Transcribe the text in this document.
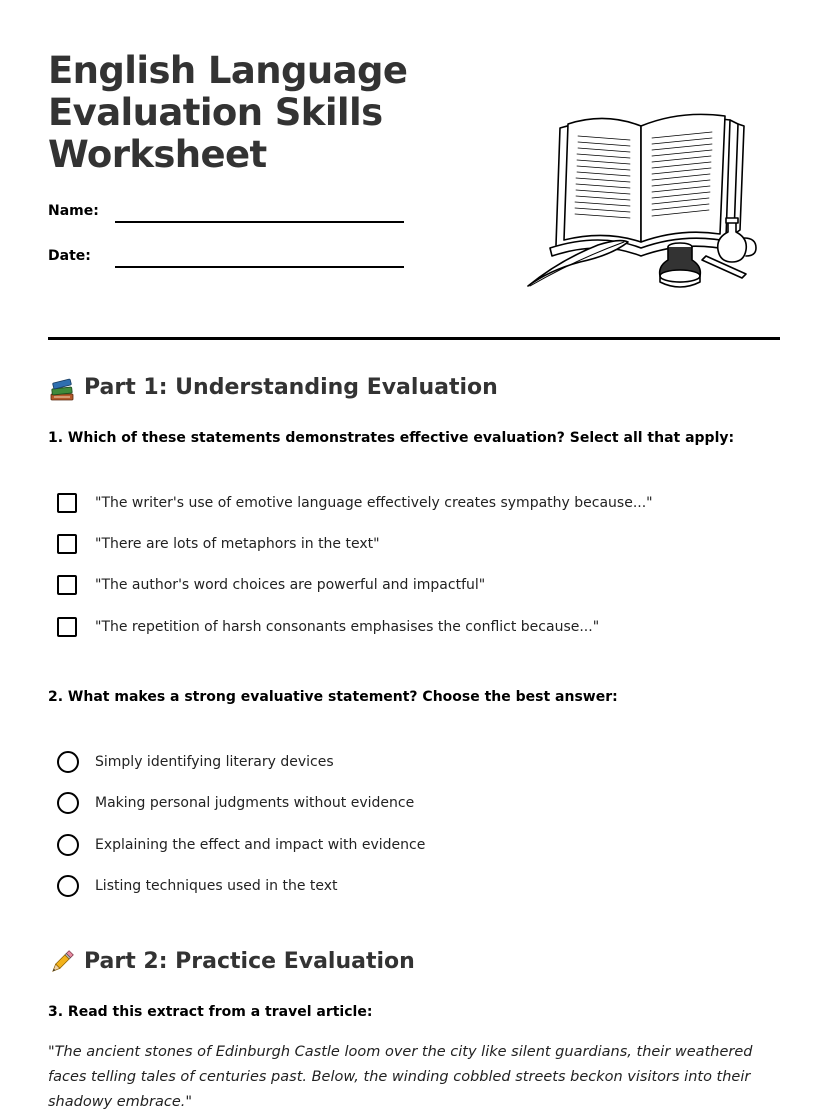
English Language Evaluation Skills Worksheet
Name:
Date:
Part 1: Understanding Evaluation

1. Which of these statements demonstrates effective evaluation? Select all that apply:

"The writer's use of emotive language effectively creates sympathy because..."
"There are lots of metaphors in the text"
"The author's word choices are powerful and impactful"
"The repetition of harsh consonants emphasises the conflict because..."

2. What makes a strong evaluative statement? Choose the best answer:

Simply identifying literary devices
Making personal judgments without evidence
Explaining the effect and impact with evidence
Listing techniques used in the text
Part 2: Practice Evaluation

3. Read this extract from a travel article:

"The ancient stones of Edinburgh Castle loom over the city like silent guardians, their weathered faces telling tales of centuries past. Below, the winding cobbled streets beckon visitors into their shadowy embrace."
